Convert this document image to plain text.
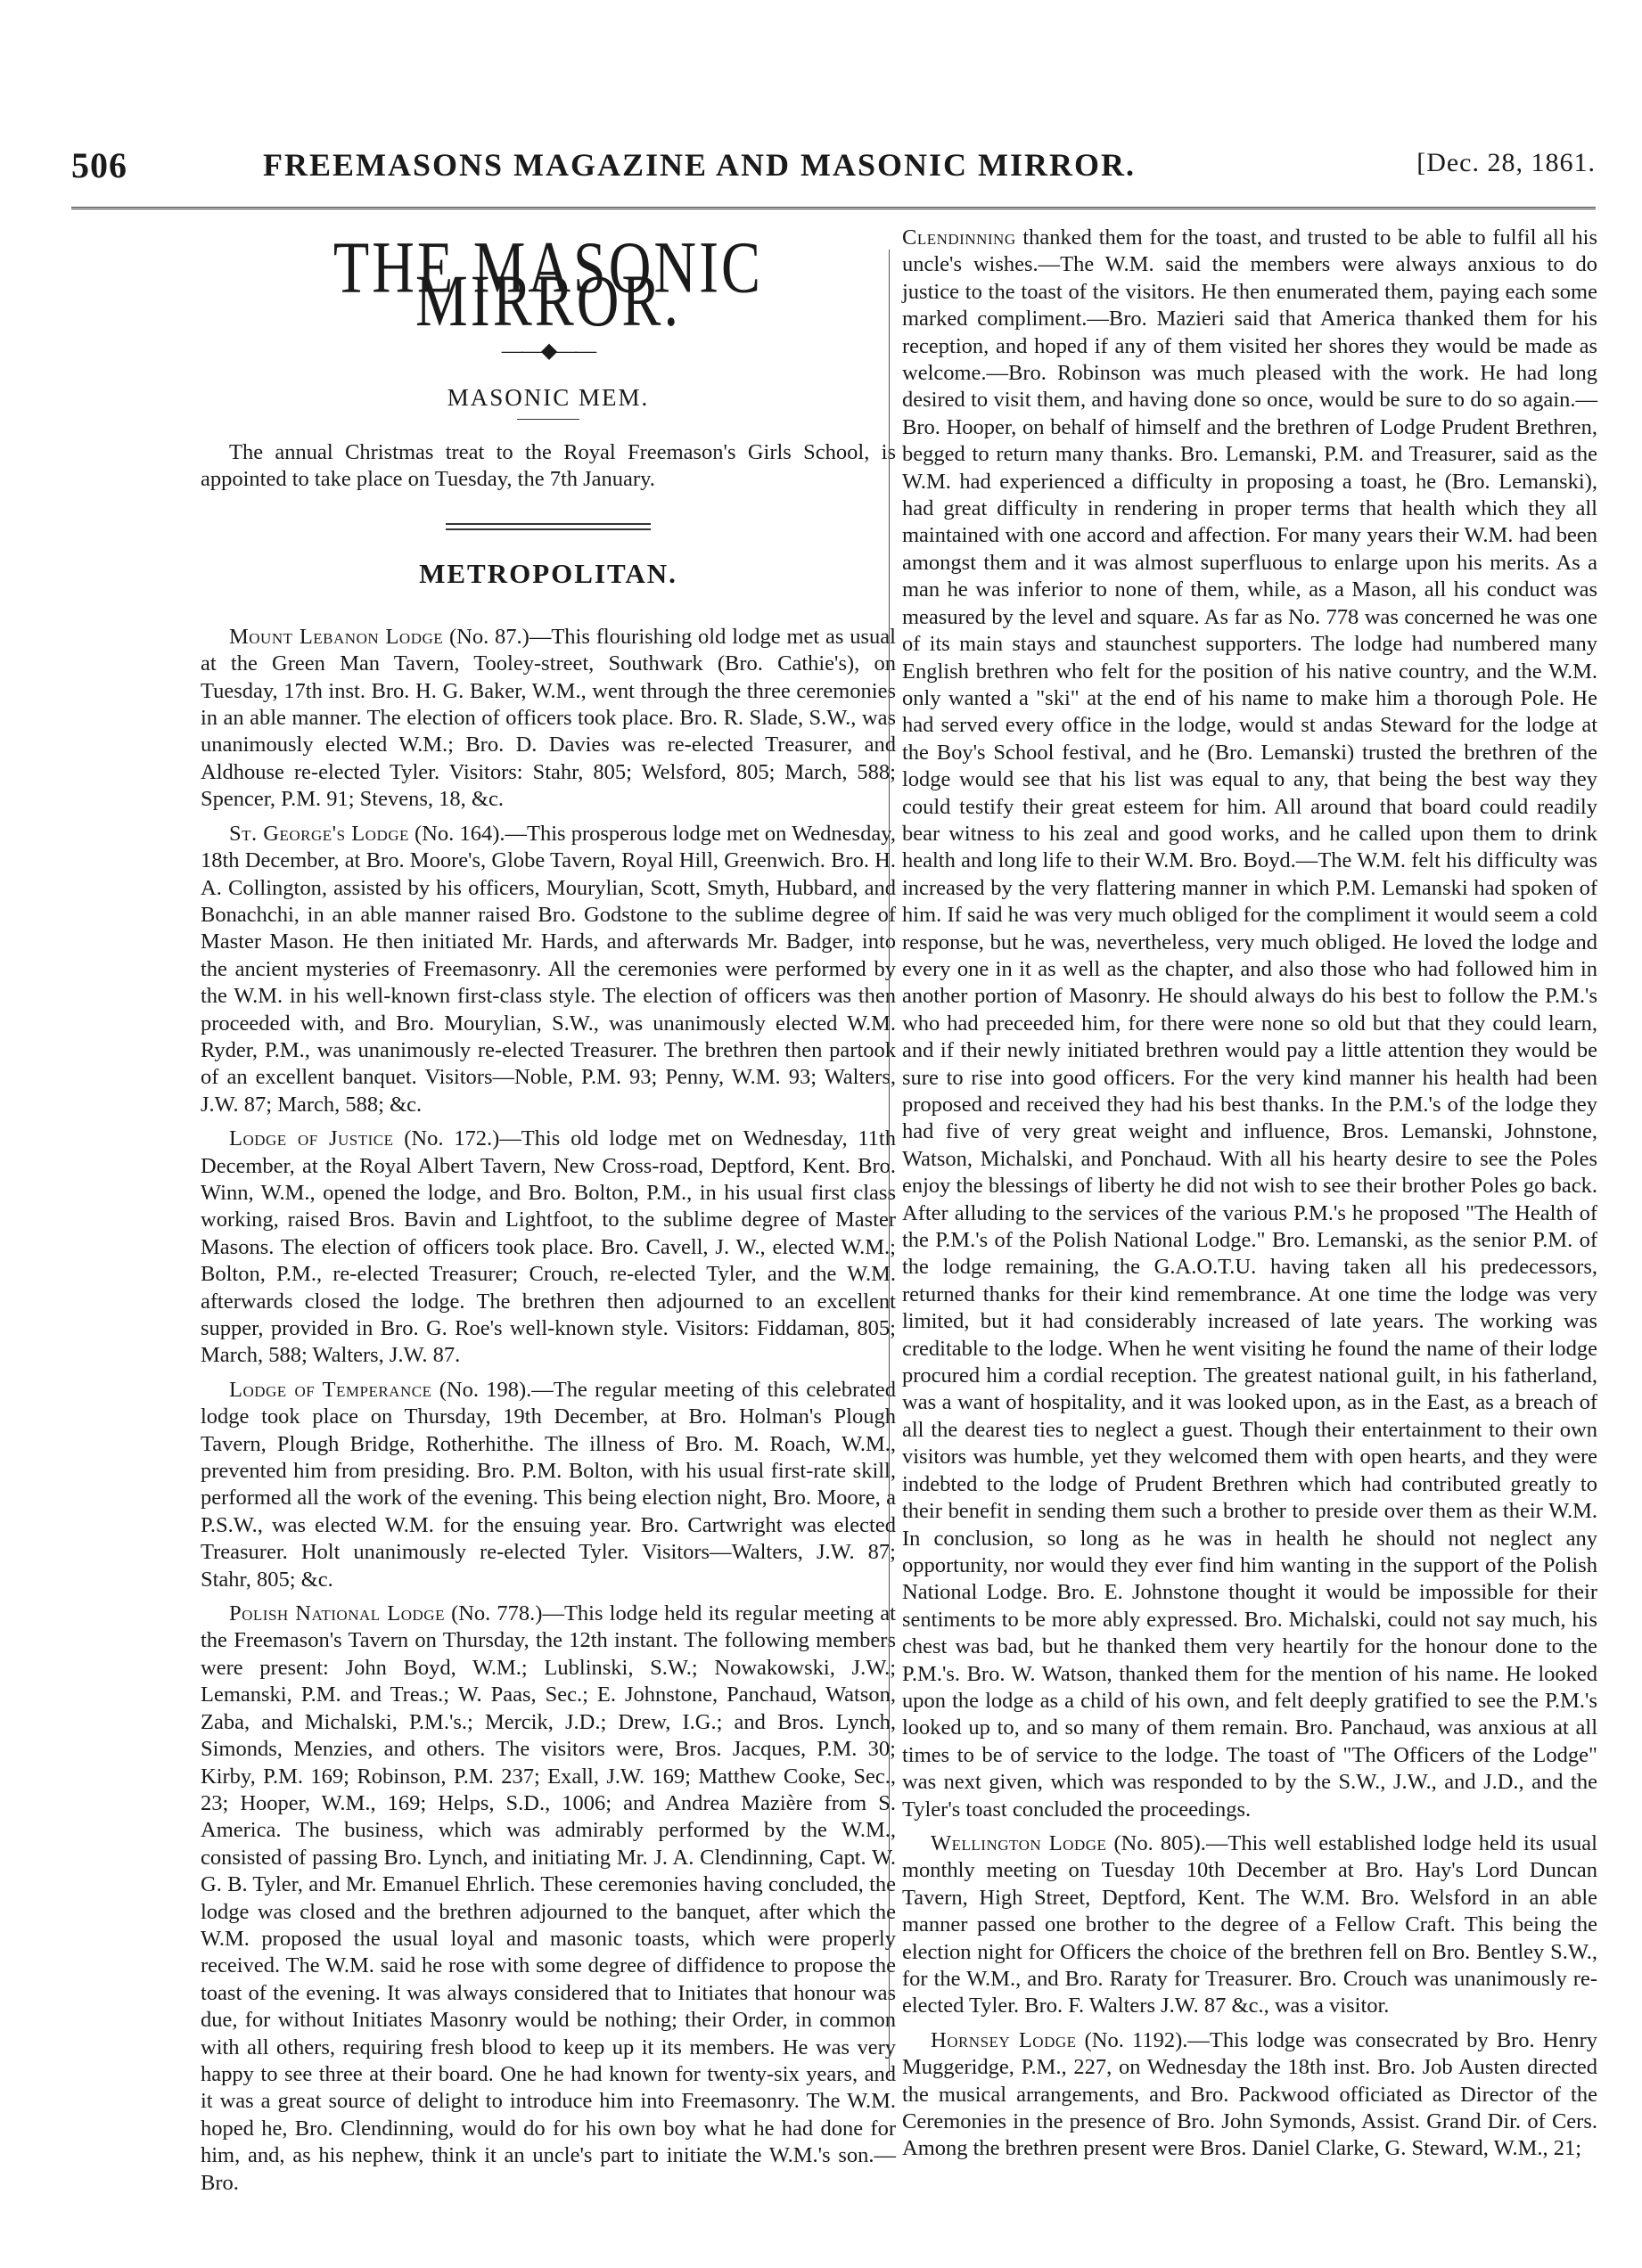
506	FREEMASONS MAGAZINE AND MASONIC MIRROR.	[Dec. 28, 1861.
THE MASONIC MIRROR.
——◆——
MASONIC MEM.

The annual Christmas treat to the Royal Freemason's Girls School, is appointed to take place on Tuesday, the 7th January.

METROPOLITAN.

Mount Lebanon Lodge (No. 87.)—This flourishing old lodge met as usual at the Green Man Tavern, Tooley-street, Southwark (Bro. Cathie's), on Tuesday, 17th inst. Bro. H. G. Baker, W.M., went through the three ceremonies in an able manner. The election of officers took place. Bro. R. Slade, S.W., was unanimously elected W.M.; Bro. D. Davies was re-elected Treasurer, and Aldhouse re-elected Tyler. Visitors: Stahr, 805; Welsford, 805; March, 588; Spencer, P.M. 91; Stevens, 18, &c.

St. George's Lodge (No. 164).—This prosperous lodge met on Wednesday, 18th December, at Bro. Moore's, Globe Tavern, Royal Hill, Greenwich. Bro. H. A. Collington, assisted by his officers, Mourylian, Scott, Smyth, Hubbard, and Bonachchi, in an able manner raised Bro. Godstone to the sublime degree of Master Mason. He then initiated Mr. Hards, and afterwards Mr. Badger, into the ancient mysteries of Freemasonry. All the ceremonies were performed by the W.M. in his well-known first-class style. The election of officers was then proceeded with, and Bro. Mourylian, S.W., was unanimously elected W.M. Ryder, P.M., was unanimously re-elected Treasurer. The brethren then partook of an excellent banquet. Visitors—Noble, P.M. 93; Penny, W.M. 93; Walters, J.W. 87; March, 588; &c.

Lodge of Justice (No. 172.)—This old lodge met on Wednesday, 11th December, at the Royal Albert Tavern, New Cross-road, Deptford, Kent. Bro. Winn, W.M., opened the lodge, and Bro. Bolton, P.M., in his usual first class working, raised Bros. Bavin and Lightfoot, to the sublime degree of Master Masons. The election of officers took place. Bro. Cavell, J. W., elected W.M.; Bolton, P.M., re-elected Treasurer; Crouch, re-elected Tyler, and the W.M. afterwards closed the lodge. The brethren then adjourned to an excellent supper, provided in Bro. G. Roe's well-known style. Visitors: Fiddaman, 805; March, 588; Walters, J.W. 87.

Lodge of Temperance (No. 198).—The regular meeting of this celebrated lodge took place on Thursday, 19th December, at Bro. Holman's Plough Tavern, Plough Bridge, Rotherhithe. The illness of Bro. M. Roach, W.M., prevented him from presiding. Bro. P.M. Bolton, with his usual first-rate skill, performed all the work of the evening. This being election night, Bro. Moore, a P.S.W., was elected W.M. for the ensuing year. Bro. Cartwright was elected Treasurer. Holt unanimously re-elected Tyler. Visitors—Walters, J.W. 87; Stahr, 805; &c.

Polish National Lodge (No. 778.)—This lodge held its regular meeting at the Freemason's Tavern on Thursday, the 12th instant. The following members were present: John Boyd, W.M.; Lublinski, S.W.; Nowakowski, J.W.; Lemanski, P.M. and Treas.; W. Paas, Sec.; E. Johnstone, Panchaud, Watson, Zaba, and Michalski, P.M.'s.; Mercik, J.D.; Drew, I.G.; and Bros. Lynch, Simonds, Menzies, and others. The visitors were, Bros. Jacques, P.M. 30; Kirby, P.M. 169; Robinson, P.M. 237; Exall, J.W. 169; Matthew Cooke, Sec., 23; Hooper, W.M., 169; Helps, S.D., 1006; and Andrea Mazière from S. America. The business, which was admirably performed by the W.M., consisted of passing Bro. Lynch, and initiating Mr. J. A. Clendinning, Capt. W. G. B. Tyler, and Mr. Emanuel Ehrlich. These ceremonies having concluded, the lodge was closed and the brethren adjourned to the banquet, after which the W.M. proposed the usual loyal and masonic toasts, which were properly received. The W.M. said he rose with some degree of diffidence to propose the toast of the evening. It was always considered that to Initiates that honour was due, for without Initiates Masonry would be nothing; their Order, in common with all others, requiring fresh blood to keep up it its members. He was very happy to see three at their board. One he had known for twenty-six years, and it was a great source of delight to introduce him into Freemasonry. The W.M. hoped he, Bro. Clendinning, would do for his own boy what he had done for him, and, as his nephew, think it an uncle's part to initiate the W.M.'s son.—Bro.

Clendinning thanked them for the toast, and trusted to be able to fulfil all his uncle's wishes.—The W.M. said the members were always anxious to do justice to the toast of the visitors. He then enumerated them, paying each some marked compliment.—Bro. Mazieri said that America thanked them for his reception, and hoped if any of them visited her shores they would be made as welcome.—Bro. Robinson was much pleased with the work. He had long desired to visit them, and having done so once, would be sure to do so again.—Bro. Hooper, on behalf of himself and the brethren of Lodge Prudent Brethren, begged to return many thanks. Bro. Lemanski, P.M. and Treasurer, said as the W.M. had experienced a difficulty in proposing a toast, he (Bro. Lemanski), had great difficulty in rendering in proper terms that health which they all maintained with one accord and affection. For many years their W.M. had been amongst them and it was almost superfluous to enlarge upon his merits. As a man he was inferior to none of them, while, as a Mason, all his conduct was measured by the level and square. As far as No. 778 was concerned he was one of its main stays and staunchest supporters. The lodge had numbered many English brethren who felt for the position of his native country, and the W.M. only wanted a "ski" at the end of his name to make him a thorough Pole. He had served every office in the lodge, would st andas Steward for the lodge at the Boy's School festival, and he (Bro. Lemanski) trusted the brethren of the lodge would see that his list was equal to any, that being the best way they could testify their great esteem for him. All around that board could readily bear witness to his zeal and good works, and he called upon them to drink health and long life to their W.M. Bro. Boyd.—The W.M. felt his difficulty was increased by the very flattering manner in which P.M. Lemanski had spoken of him. If said he was very much obliged for the compliment it would seem a cold response, but he was, nevertheless, very much obliged. He loved the lodge and every one in it as well as the chapter, and also those who had followed him in another portion of Masonry. He should always do his best to follow the P.M.'s who had preceeded him, for there were none so old but that they could learn, and if their newly initiated brethren would pay a little attention they would be sure to rise into good officers. For the very kind manner his health had been proposed and received they had his best thanks. In the P.M.'s of the lodge they had five of very great weight and influence, Bros. Lemanski, Johnstone, Watson, Michalski, and Ponchaud. With all his hearty desire to see the Poles enjoy the blessings of liberty he did not wish to see their brother Poles go back. After alluding to the services of the various P.M.'s he proposed "The Health of the P.M.'s of the Polish National Lodge." Bro. Lemanski, as the senior P.M. of the lodge remaining, the G.A.O.T.U. having taken all his predecessors, returned thanks for their kind remembrance. At one time the lodge was very limited, but it had considerably increased of late years. The working was creditable to the lodge. When he went visiting he found the name of their lodge procured him a cordial reception. The greatest national guilt, in his fatherland, was a want of hospitality, and it was looked upon, as in the East, as a breach of all the dearest ties to neglect a guest. Though their entertainment to their own visitors was humble, yet they welcomed them with open hearts, and they were indebted to the lodge of Prudent Brethren which had contributed greatly to their benefit in sending them such a brother to preside over them as their W.M. In conclusion, so long as he was in health he should not neglect any opportunity, nor would they ever find him wanting in the support of the Polish National Lodge. Bro. E. Johnstone thought it would be impossible for their sentiments to be more ably expressed. Bro. Michalski, could not say much, his chest was bad, but he thanked them very heartily for the honour done to the P.M.'s. Bro. W. Watson, thanked them for the mention of his name. He looked upon the lodge as a child of his own, and felt deeply gratified to see the P.M.'s looked up to, and so many of them remain. Bro. Panchaud, was anxious at all times to be of service to the lodge. The toast of "The Officers of the Lodge" was next given, which was responded to by the S.W., J.W., and J.D., and the Tyler's toast concluded the proceedings.

Wellington Lodge (No. 805).—This well established lodge held its usual monthly meeting on Tuesday 10th December at Bro. Hay's Lord Duncan Tavern, High Street, Deptford, Kent. The W.M. Bro. Welsford in an able manner passed one brother to the degree of a Fellow Craft. This being the election night for Officers the choice of the brethren fell on Bro. Bentley S.W., for the W.M., and Bro. Raraty for Treasurer. Bro. Crouch was unanimously re-elected Tyler. Bro. F. Walters J.W. 87 &c., was a visitor.

Hornsey Lodge (No. 1192).—This lodge was consecrated by Bro. Henry Muggeridge, P.M., 227, on Wednesday the 18th inst. Bro. Job Austen directed the musical arrangements, and Bro. Packwood officiated as Director of the Ceremonies in the presence of Bro. John Symonds, Assist. Grand Dir. of Cers. Among the brethren present were Bros. Daniel Clarke, G. Steward, W.M., 21;
